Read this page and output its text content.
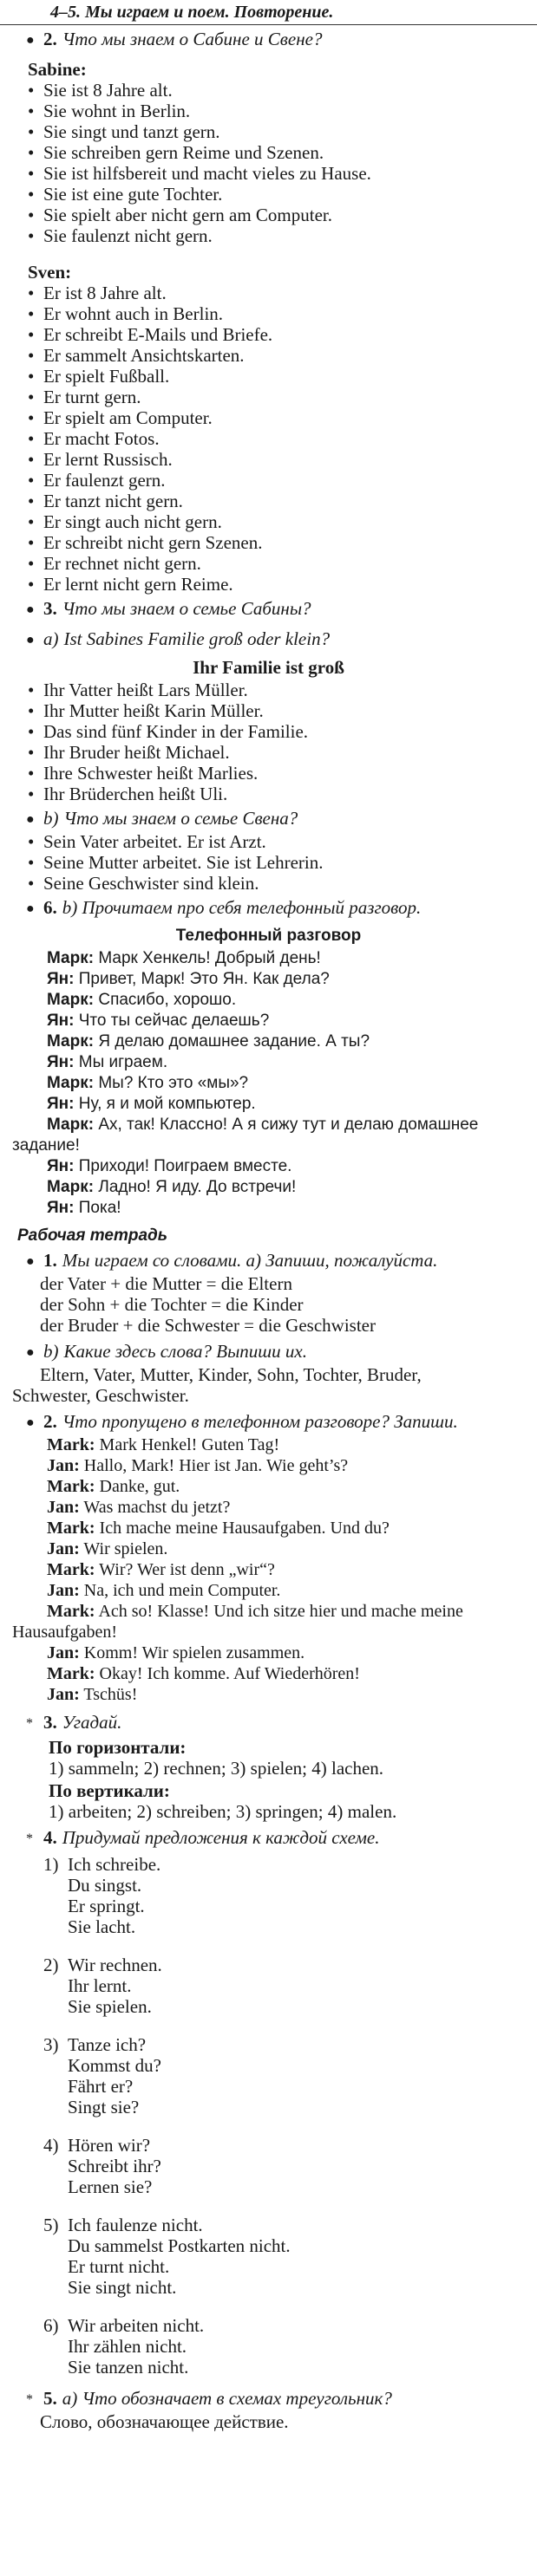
4–5. Мы играем и поем. Повторение.
● 2. Что мы знаем о Сабине и Свене?
Sabine:
• Sie ist 8 Jahre alt.
• Sie wohnt in Berlin.
• Sie singt und tanzt gern.
• Sie schreiben gern Reime und Szenen.
• Sie ist hilfsbereit und macht vieles zu Hause.
• Sie ist eine gute Tochter.
• Sie spielt aber nicht gern am Computer.
• Sie faulenzt nicht gern.
Sven:
• Er ist 8 Jahre alt.
• Er wohnt auch in Berlin.
• Er schreibt E-Mails und Briefe.
• Er sammelt Ansichtskarten.
• Er spielt Fußball.
• Er turnt gern.
• Er spielt am Computer.
• Er macht Fotos.
• Er lernt Russisch.
• Er faulenzt gern.
• Er tanzt nicht gern.
• Er singt auch nicht gern.
• Er schreibt nicht gern Szenen.
• Er rechnet nicht gern.
• Er lernt nicht gern Reime.
● 3. Что мы знаем о семье Сабины?
● a) Ist Sabines Familie groß oder klein?
Ihr Familie ist groß
• Ihr Vatter heißt Lars Müller.
• Ihr Mutter heißt Karin Müller.
• Das sind fünf Kinder in der Familie.
• Ihr Bruder heißt Michael.
• Ihre Schwester heißt Marlies.
• Ihr Brüderchen heißt Uli.
● b) Что мы знаем о семье Свена?
• Sein Vater arbeitet. Er ist Arzt.
• Seine Mutter arbeitet. Sie ist Lehrerin.
• Seine Geschwister sind klein.
● 6. b) Прочитаем про себя телефонный разговор.
Телефонный разговор
Марк: Марк Хенкель! Добрый день!
Ян: Привет, Марк! Это Ян. Как дела?
Марк: Спасибо, хорошо.
Ян: Что ты сейчас делаешь?
Марк: Я делаю домашнее задание. А ты?
Ян: Мы играем.
Марк: Мы? Кто это «мы»?
Ян: Ну, я и мой компьютер.
Марк: Ах, так! Классно! А я сижу тут и делаю домашнее задание!
Ян: Приходи! Поиграем вместе.
Марк: Ладно! Я иду. До встречи!
Ян: Пока!
Рабочая тетрадь
● 1. Мы играем со словами. a) Запиши, пожалуйста.
der Vater + die Mutter = die Eltern
der Sohn + die Tochter = die Kinder
der Bruder + die Schwester = die Geschwister
● b) Какие здесь слова? Выпиши их.
Eltern, Vater, Mutter, Kinder, Sohn, Tochter, Bruder,
Schwester, Geschwister.
● 2. Что пропущено в телефонном разговоре? Запиши.
Mark: Mark Henkel! Guten Tag!
Jan: Hallo, Mark! Hier ist Jan. Wie geht’s?
Mark: Danke, gut.
Jan: Was machst du jetzt?
Mark: Ich mache meine Hausaufgaben. Und du?
Jan: Wir spielen.
Mark: Wir? Wer ist denn „wir“?
Jan: Na, ich und mein Computer.
Mark: Ach so! Klasse! Und ich sitze hier und mache meine Hausaufgaben!
Jan: Komm! Wir spielen zusammen.
Mark: Okay! Ich komme. Auf Wiederhören!
Jan: Tschüs!
* 3. Угадай.
По горизонтали:
1) sammeln; 2) rechnen; 3) spielen; 4) lachen.
По вертикали:
1) arbeiten; 2) schreiben; 3) springen; 4) malen.
* 4. Придумай предложения к каждой схеме.
1) Ich schreibe.
Du singst.
Er springt.
Sie lacht.
2) Wir rechnen.
Ihr lernt.
Sie spielen.
3) Tanze ich?
Kommst du?
Fährt er?
Singt sie?
4) Hören wir?
Schreibt ihr?
Lernen sie?
5) Ich faulenze nicht.
Du sammelst Postkarten nicht.
Er turnt nicht.
Sie singt nicht.
6) Wir arbeiten nicht.
Ihr zählen nicht.
Sie tanzen nicht.
* 5. а) Что обозначает в схемах треугольник?
Слово, обозначающее действие.
